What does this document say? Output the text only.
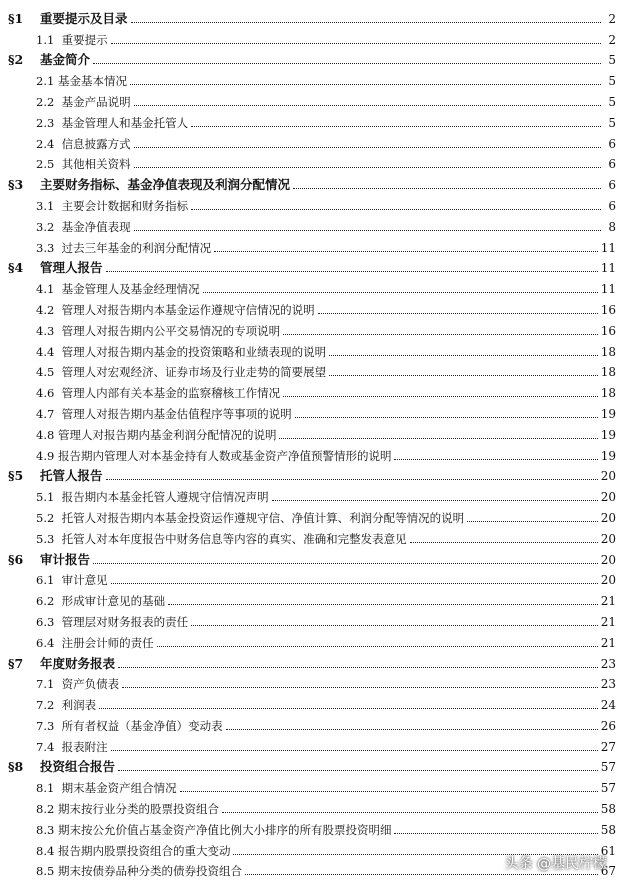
§1 重要提示及目录	2
1.1  重要提示	2
§2 基金简介	5
2.1 基金基本情况	5
2.2  基金产品说明	5
2.3  基金管理人和基金托管人	5
2.4  信息披露方式	6
2.5  其他相关资料	6
§3 主要财务指标、基金净值表现及利润分配情况	6
3.1  主要会计数据和财务指标	6
3.2  基金净值表现	8
3.3  过去三年基金的利润分配情况	11
§4 管理人报告	11
4.1  基金管理人及基金经理情况	11
4.2  管理人对报告期内本基金运作遵规守信情况的说明	16
4.3  管理人对报告期内公平交易情况的专项说明	16
4.4  管理人对报告期内基金的投资策略和业绩表现的说明	18
4.5  管理人对宏观经济、证券市场及行业走势的简要展望	18
4.6  管理人内部有关本基金的监察稽核工作情况	18
4.7  管理人对报告期内基金估值程序等事项的说明	19
4.8 管理人对报告期内基金利润分配情况的说明	19
4.9 报告期内管理人对本基金持有人数或基金资产净值预警情形的说明	19
§5 托管人报告	20
5.1  报告期内本基金托管人遵规守信情况声明	20
5.2  托管人对报告期内本基金投资运作遵规守信、净值计算、利润分配等情况的说明	20
5.3  托管人对本年度报告中财务信息等内容的真实、准确和完整发表意见	20
§6 审计报告	20
6.1  审计意见	20
6.2  形成审计意见的基础	21
6.3  管理层对财务报表的责任	21
6.4  注册会计师的责任	21
§7 年度财务报表	23
7.1  资产负债表	23
7.2  利润表	24
7.3  所有者权益（基金净值）变动表	26
7.4  报表附注	27
§8 投资组合报告	57
8.1  期末基金资产组合情况	57
8.2 期末按行业分类的股票投资组合	58
8.3 期末按公允价值占基金资产净值比例大小排序的所有股票投资明细	58
8.4 报告期内股票投资组合的重大变动	61
8.5 期末按债券品种分类的债券投资组合	67
头条 @基民柠檬
